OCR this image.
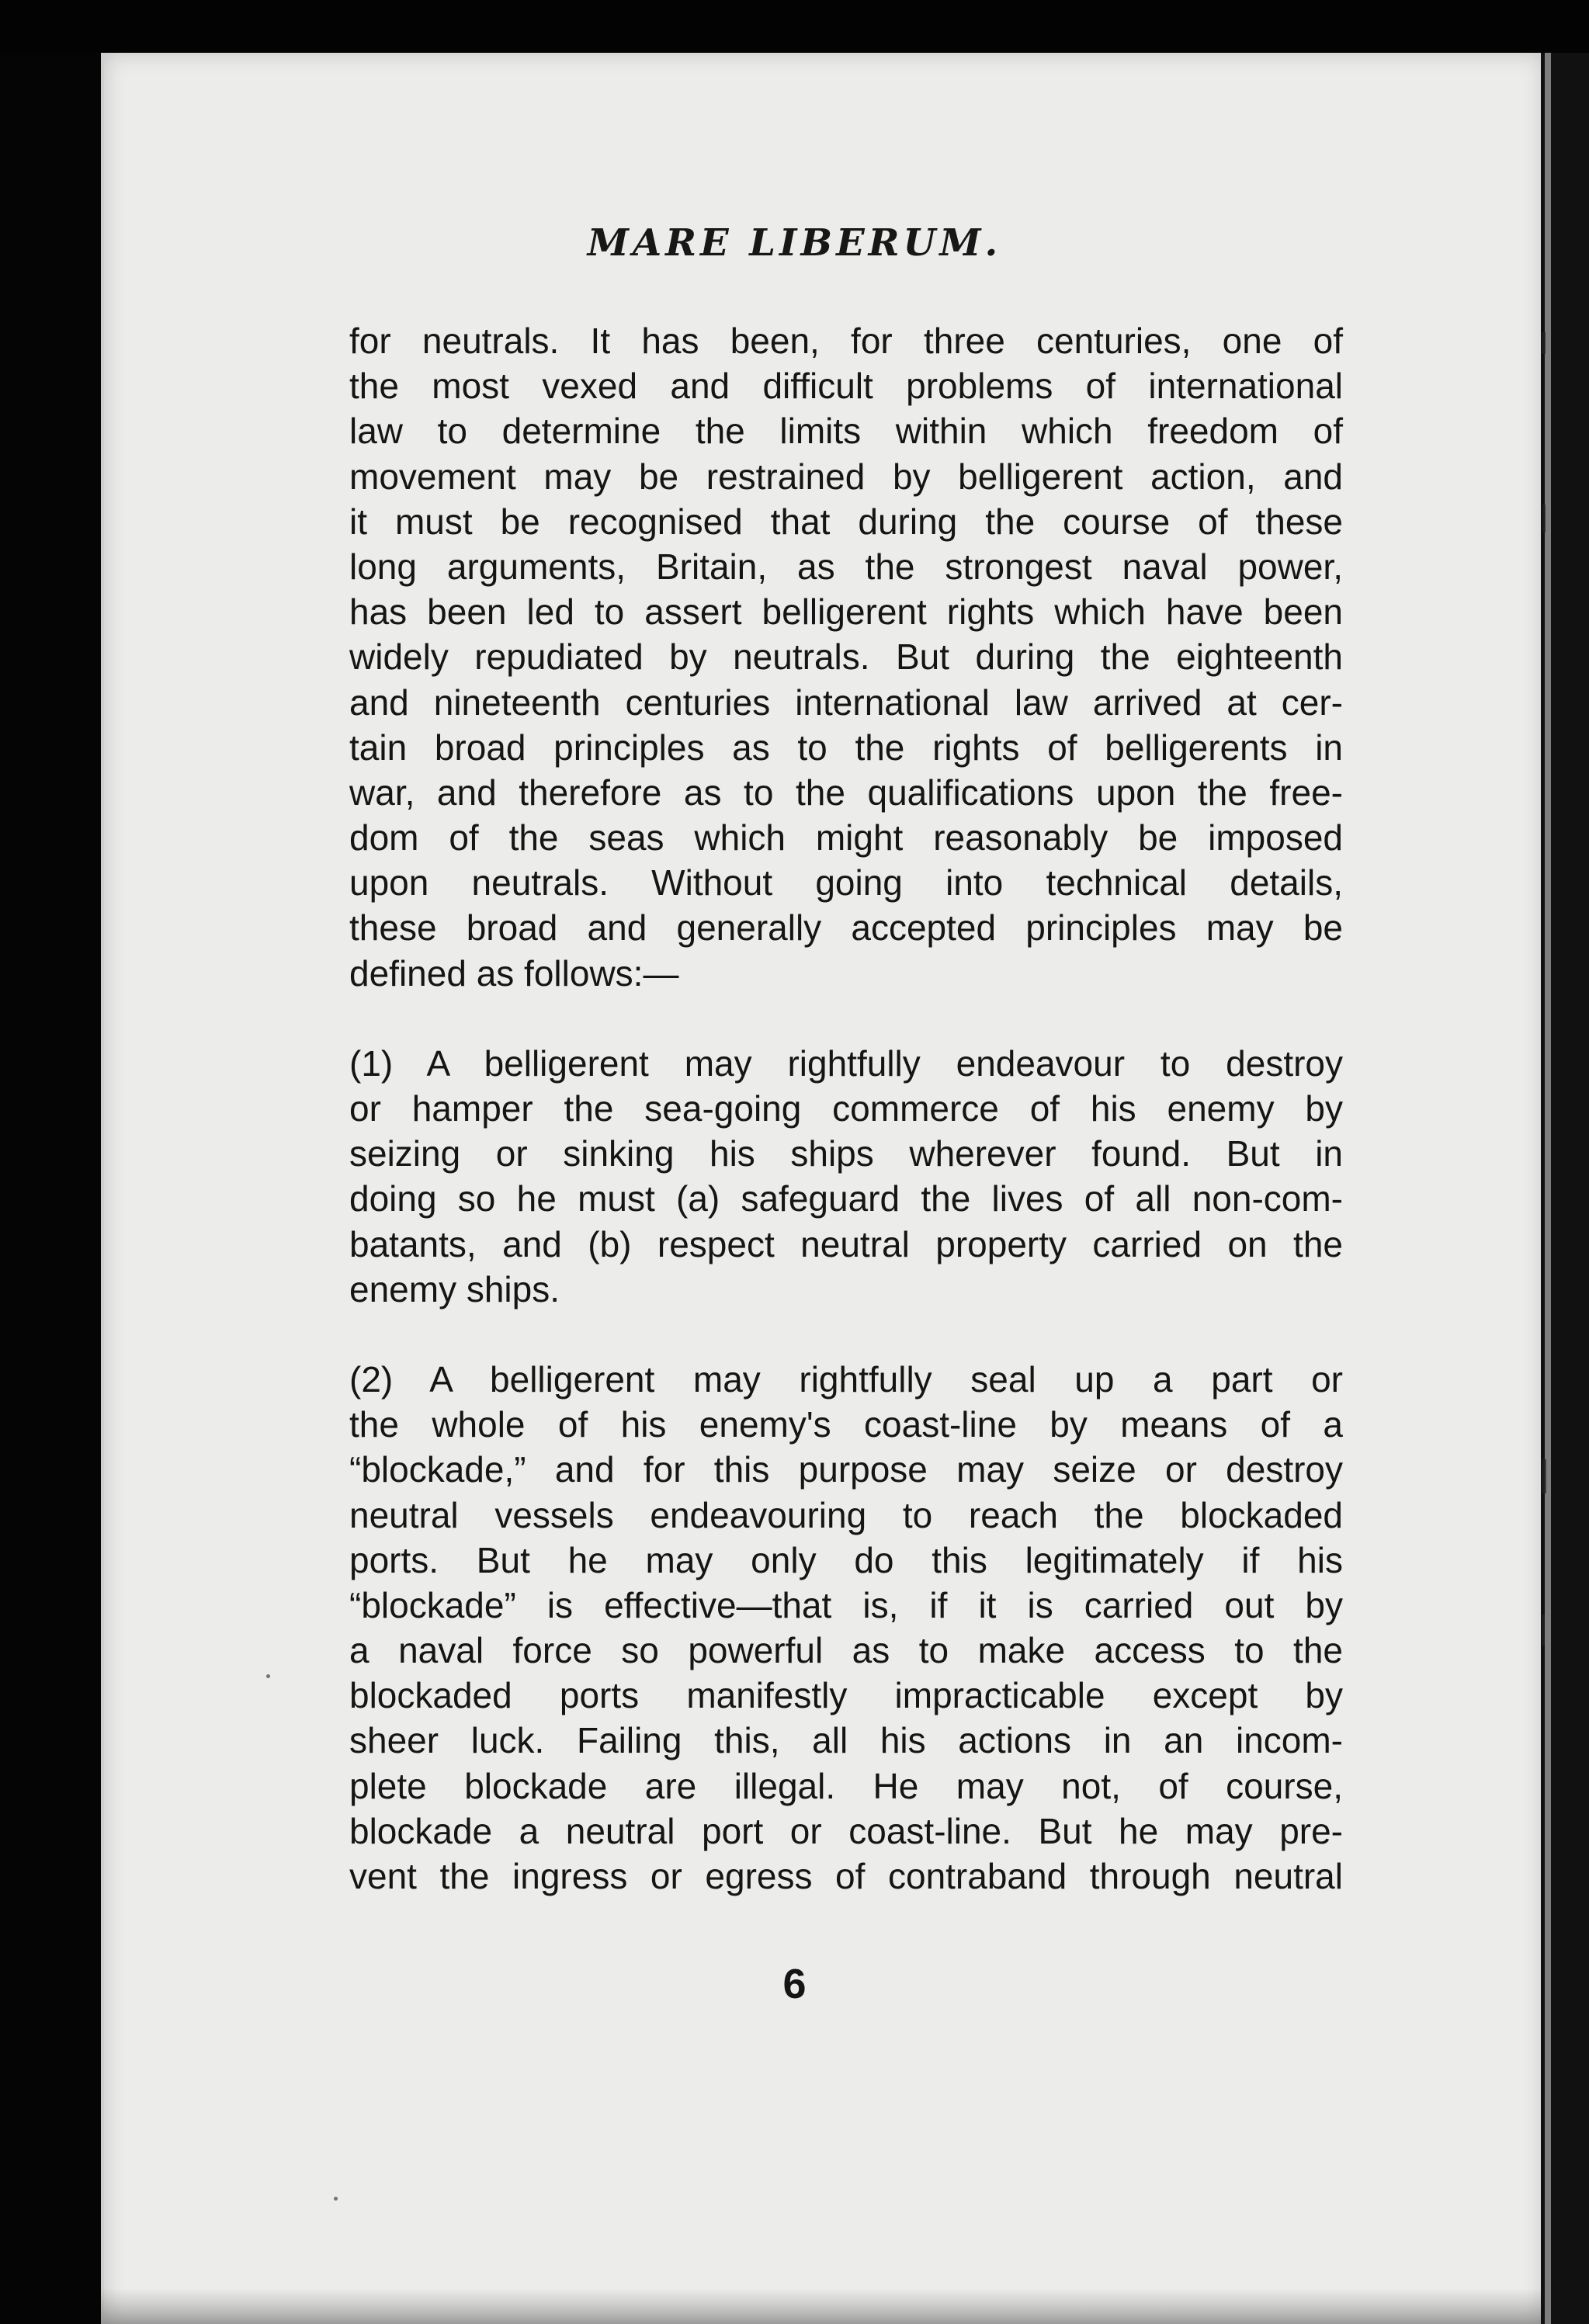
MARE LIBERUM.
for neutrals. It has been, for three centuries, one of
the most vexed and difficult problems of international
law to determine the limits within which freedom of
movement may be restrained by belligerent action, and
it must be recognised that during the course of these
long arguments, Britain, as the strongest naval power,
has been led to assert belligerent rights which have been
widely repudiated by neutrals. But during the eighteenth
and nineteenth centuries international law arrived at cer-
tain broad principles as to the rights of belligerents in
war, and therefore as to the qualifications upon the free-
dom of the seas which might reasonably be imposed
upon neutrals. Without going into technical details,
these broad and generally accepted principles may be
defined as follows:—
(1) A belligerent may rightfully endeavour to destroy
or hamper the sea-going commerce of his enemy by
seizing or sinking his ships wherever found. But in
doing so he must (a) safeguard the lives of all non-com-
batants, and (b) respect neutral property carried on the
enemy ships.
(2) A belligerent may rightfully seal up a part or
the whole of his enemy's coast-line by means of a
“blockade,” and for this purpose may seize or destroy
neutral vessels endeavouring to reach the blockaded
ports. But he may only do this legitimately if his
“blockade” is effective—that is, if it is carried out by
a naval force so powerful as to make access to the
blockaded ports manifestly impracticable except by
sheer luck. Failing this, all his actions in an incom-
plete blockade are illegal. He may not, of course,
blockade a neutral port or coast-line. But he may pre-
vent the ingress or egress of contraband through neutral
6
